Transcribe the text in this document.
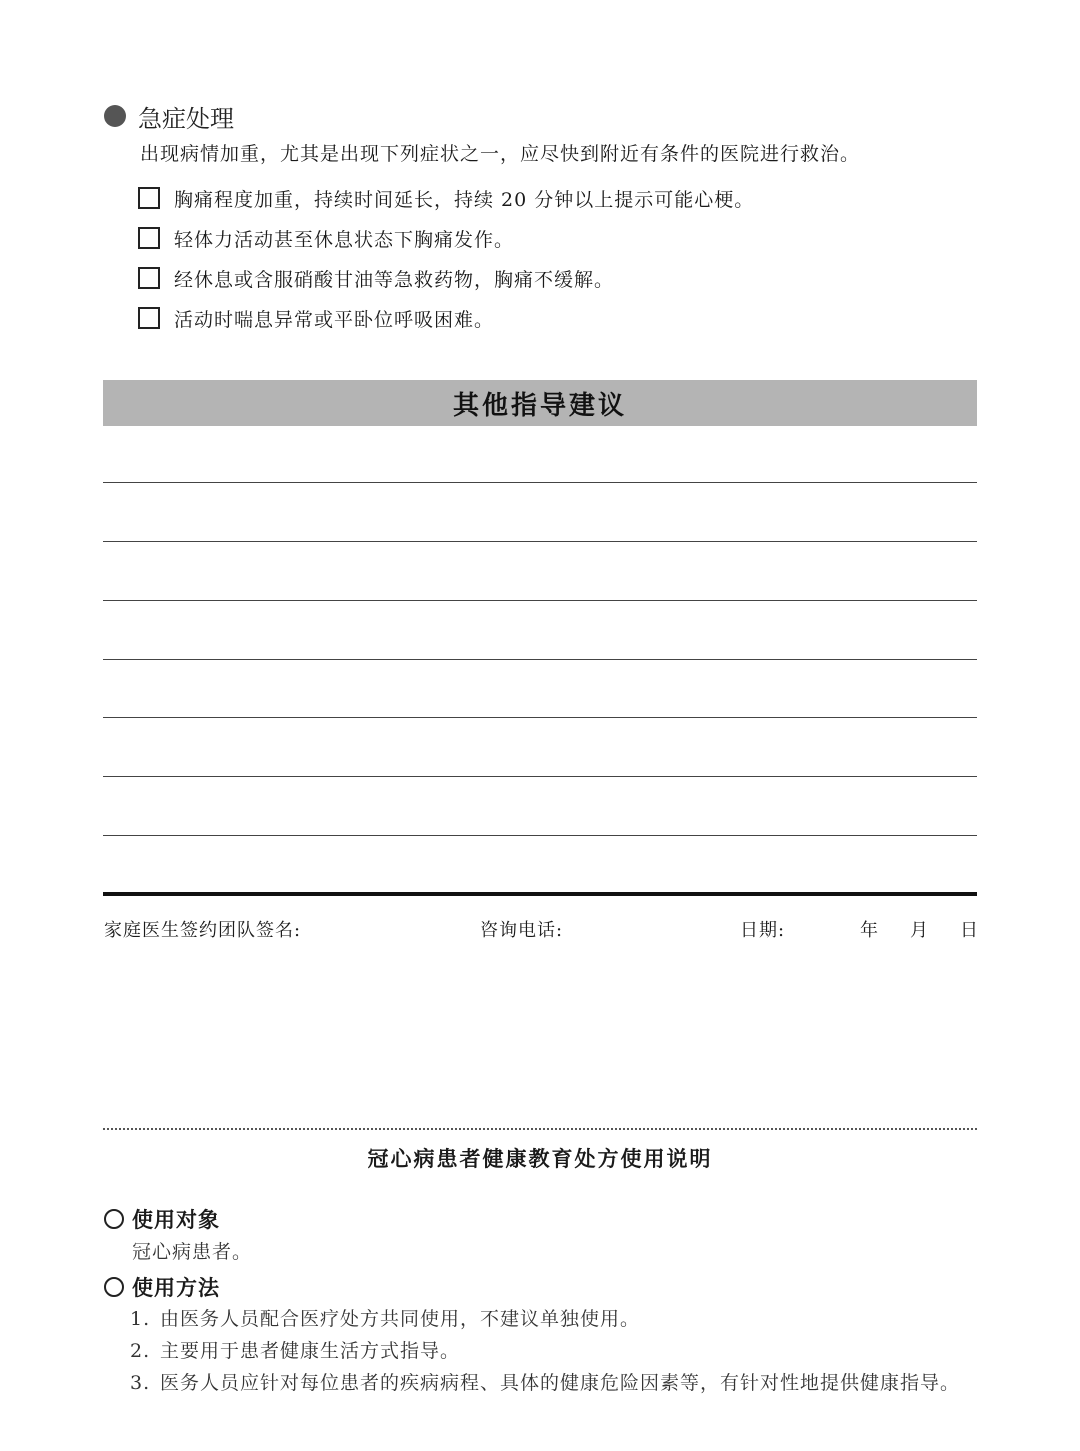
急症处理
出现病情加重，尤其是出现下列症状之一，应尽快到附近有条件的医院进行救治。
胸痛程度加重，持续时间延长，持续 20 分钟以上提示可能心梗。
轻体力活动甚至休息状态下胸痛发作。
经休息或含服硝酸甘油等急救药物，胸痛不缓解。
活动时喘息异常或平卧位呼吸困难。
其他指导建议
家庭医生签约团队签名:	咨询电话:	日期:	年 月 日
冠心病患者健康教育处方使用说明
使用对象
冠心病患者。
使用方法
1. 由医务人员配合医疗处方共同使用，不建议单独使用。
2. 主要用于患者健康生活方式指导。
3. 医务人员应针对每位患者的疾病病程、具体的健康危险因素等，有针对性地提供健康指导。
